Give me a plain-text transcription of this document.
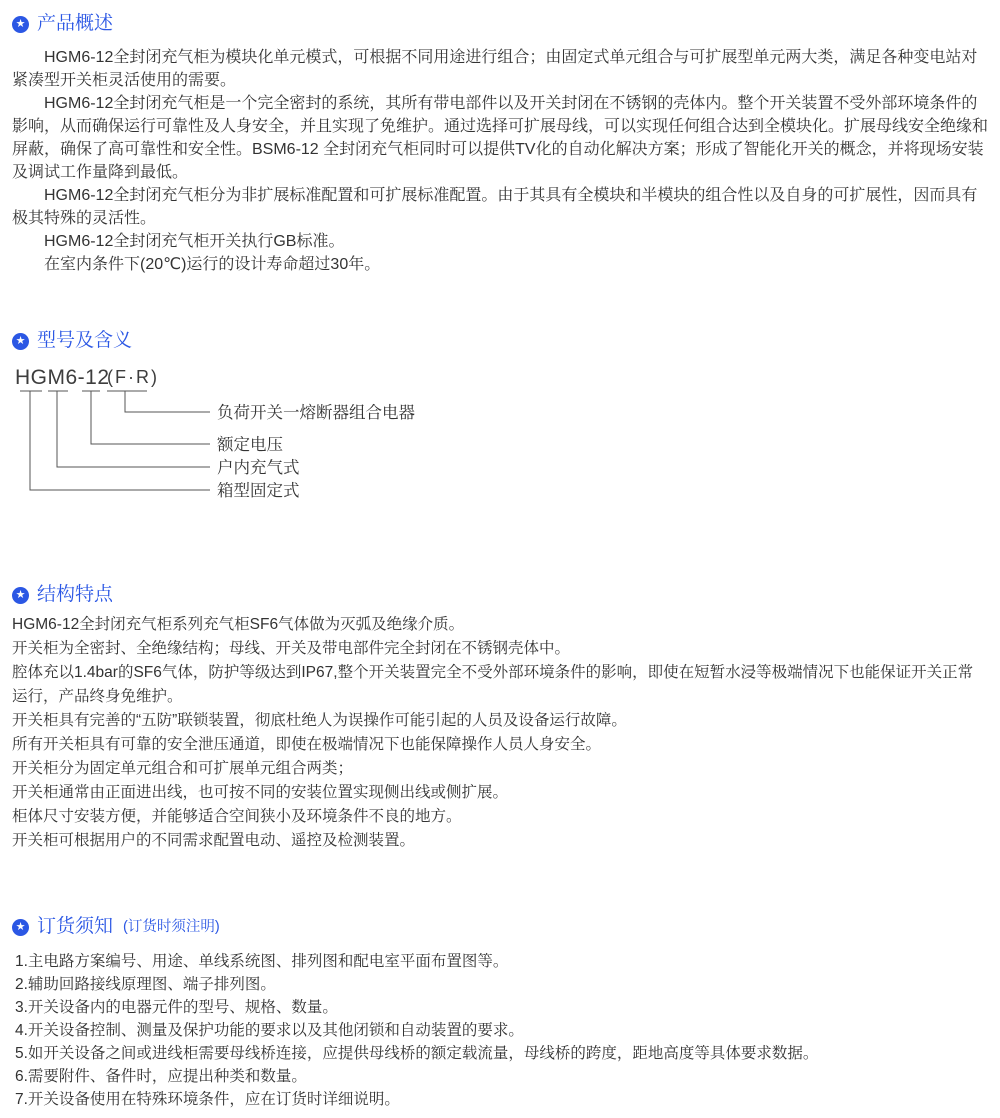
★ 产品概述

HGM6-12全封闭充气柜为模块化单元模式，可根据不同用途进行组合；由固定式单元组合与可扩展型单元两大类，满足各种变电站对紧凑型开关柜灵活使用的需要。

HGM6-12全封闭充气柜是一个完全密封的系统，其所有带电部件以及开关封闭在不锈钢的壳体内。整个开关装置不受外部环境条件的影响，从而确保运行可靠性及人身安全，并且实现了免维护。通过选择可扩展母线，可以实现任何组合达到全模块化。扩展母线安全绝缘和屏蔽，确保了高可靠性和安全性。BSM6-12 全封闭充气柜同时可以提供TV化的自动化解决方案；形成了智能化开关的概念，并将现场安装及调试工作量降到最低。

HGM6-12全封闭充气柜分为非扩展标准配置和可扩展标准配置。由于其具有全模块和半模块的组合性以及自身的可扩展性，因而具有极其特殊的灵活性。

HGM6-12全封闭充气柜开关执行GB标准。

在室内条件下(20℃)运行的设计寿命超过30年。

★ 型号及含义
HGM6-12
(F·R)
负荷开关一熔断器组合电器
额定电压
户内充气式
箱型固定式
★ 结构特点

HGM6-12全封闭充气柜系列充气柜SF6气体做为灭弧及绝缘介质。

开关柜为全密封、全绝缘结构；母线、开关及带电部件完全封闭在不锈钢壳体中。

腔体充以1.4bar的SF6气体，防护等级达到IP67,整个开关装置完全不受外部环境条件的影响，即使在短暂水浸等极端情况下也能保证开关正常运行，产品终身免维护。

开关柜具有完善的“五防”联锁装置，彻底杜绝人为误操作可能引起的人员及设备运行故障。

所有开关柜具有可靠的安全泄压通道，即使在极端情况下也能保障操作人员人身安全。

开关柜分为固定单元组合和可扩展单元组合两类；

开关柜通常由正面进出线，也可按不同的安装位置实现侧出线或侧扩展。

柜体尺寸安装方便，并能够适合空间狭小及环境条件不良的地方。

开关柜可根据用户的不同需求配置电动、遥控及检测装置。

★ 订货须知 (订货时须注明)

1.主电路方案编号、用途、单线系统图、排列图和配电室平面布置图等。

2.辅助回路接线原理图、端子排列图。

3.开关设备内的电器元件的型号、规格、数量。

4.开关设备控制、测量及保护功能的要求以及其他闭锁和自动装置的要求。

5.如开关设备之间或进线柜需要母线桥连接，应提供母线桥的额定载流量，母线桥的跨度，距地高度等具体要求数据。

6.需要附件、备件时，应提出种类和数量。

7.开关设备使用在特殊环境条件，应在订货时详细说明。
